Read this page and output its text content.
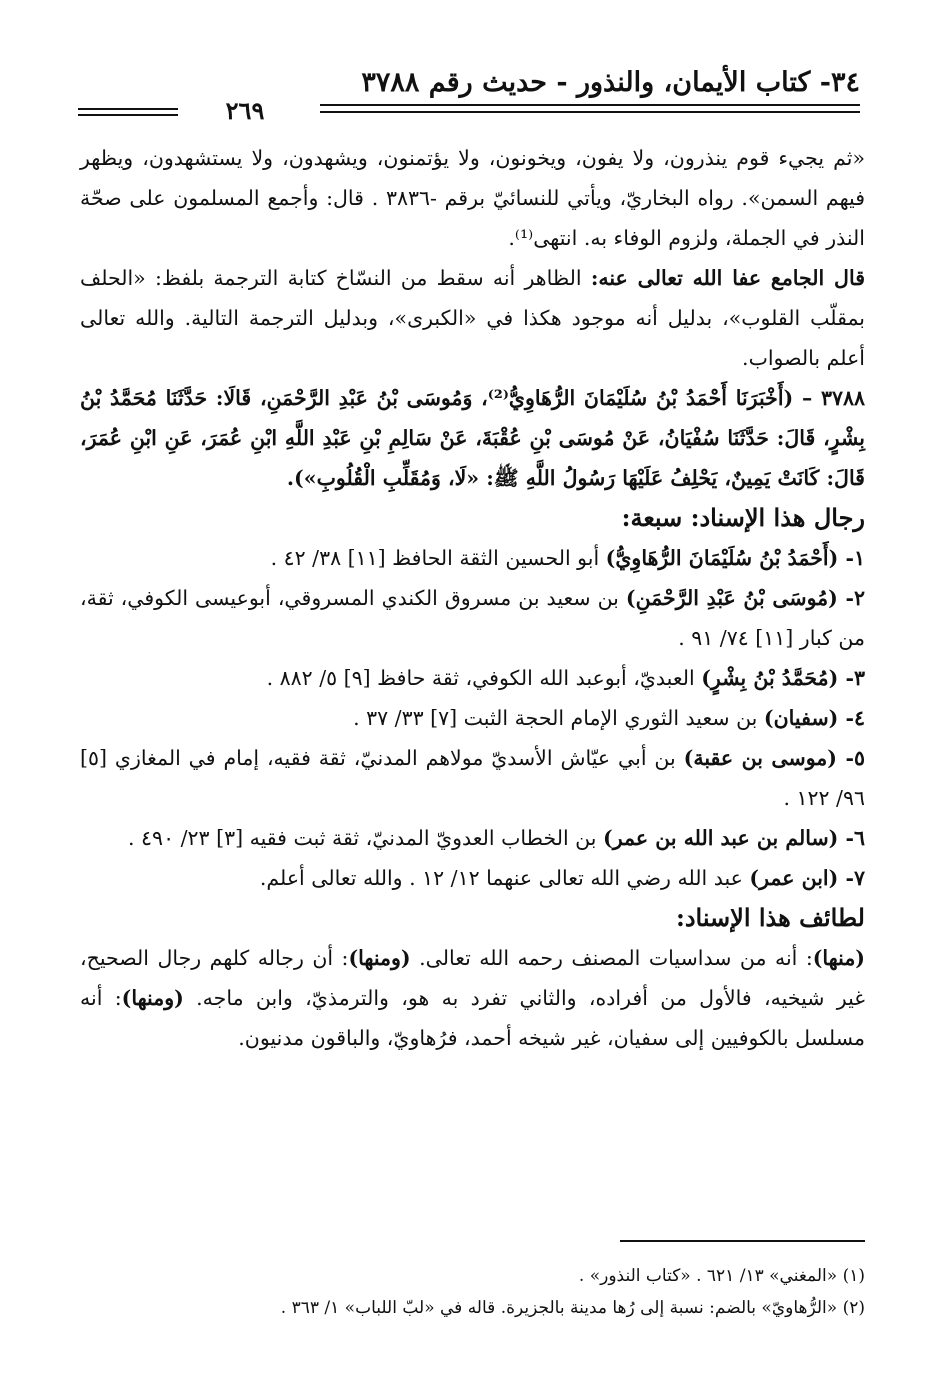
٣٤- كتاب الأيمان، والنذور - حديث رقم ٣٧٨٨
٢٦٩

«ثم يجيء قوم ينذرون، ولا يفون، ويخونون، ولا يؤتمنون، ويشهدون، ولا يستشهدون، ويظهر فيهم السمن». رواه البخاريّ، ويأتي للنسائيّ برقم -٣٨٣٦ . قال: وأجمع المسلمون على صحّة النذر في الجملة، ولزوم الوفاء به. انتهى⁽¹⁾.

قال الجامع عفا الله تعالى عنه: الظاهر أنه سقط من النسّاخ كتابة الترجمة بلفظ: «الحلف بمقلّب القلوب»، بدليل أنه موجود هكذا في «الكبرى»، وبدليل الترجمة التالية. والله تعالى أعلم بالصواب.

٣٧٨٨ – (أَخْبَرَنَا أَحْمَدُ بْنُ سُلَيْمَانَ الرُّهَاوِيُّ⁽²⁾، وَمُوسَى بْنُ عَبْدِ الرَّحْمَنِ، قَالَا: حَدَّثَنَا مُحَمَّدُ بْنُ بِشْرٍ، قَالَ: حَدَّثَنَا سُفْيَانُ، عَنْ مُوسَى بْنِ عُقْبَةَ، عَنْ سَالِمِ بْنِ عَبْدِ اللَّهِ ابْنِ عُمَرَ، عَنِ ابْنِ عُمَرَ، قَالَ: كَانَتْ يَمِينٌ، يَحْلِفُ عَلَيْهَا رَسُولُ اللَّهِ ﷺ: «لَا، وَمُقَلِّبِ الْقُلُوبِ»).

رجال هذا الإسناد: سبعة:

١- (أَحْمَدُ بْنُ سُلَيْمَانَ الرُّهَاوِيُّ) أبو الحسين الثقة الحافظ [١١] ٣٨/ ٤٢ .
٢- (مُوسَى بْنُ عَبْدِ الرَّحْمَنِ) بن سعيد بن مسروق الكندي المسروقي، أبوعيسى الكوفي، ثقة، من كبار [١١] ٧٤/ ٩١ .
٣- (مُحَمَّدُ بْنُ بِشْرٍ) العبديّ، أبوعبد الله الكوفي، ثقة حافظ [٩] ٥/ ٨٨٢ .
٤- (سفيان) بن سعيد الثوري الإمام الحجة الثبت [٧] ٣٣/ ٣٧ .
٥- (موسى بن عقبة) بن أبي عيّاش الأسديّ مولاهم المدنيّ، ثقة فقيه، إمام في المغازي [٥] ٩٦/ ١٢٢ .
٦- (سالم بن عبد الله بن عمر) بن الخطاب العدويّ المدنيّ، ثقة ثبت فقيه [٣] ٢٣/ ٤٩٠ .
٧- (ابن عمر) عبد الله رضي الله تعالى عنهما ١٢/ ١٢ . والله تعالى أعلم.

لطائف هذا الإسناد:

(منها): أنه من سداسيات المصنف رحمه الله تعالى. (ومنها): أن رجاله كلهم رجال الصحيح، غير شيخيه، فالأول من أفراده، والثاني تفرد به هو، والترمذيّ، وابن ماجه. (ومنها): أنه مسلسل بالكوفيين إلى سفيان، غير شيخه أحمد، فرُهاويّ، والباقون مدنيون.

(١) «المغني» ١٣/ ٦٢١ . «كتاب النذور» .
(٢) «الرُّهاويّ» بالضم: نسبة إلى رُها مدينة بالجزيرة. قاله في «لبّ اللباب» ١/ ٣٦٣ .
